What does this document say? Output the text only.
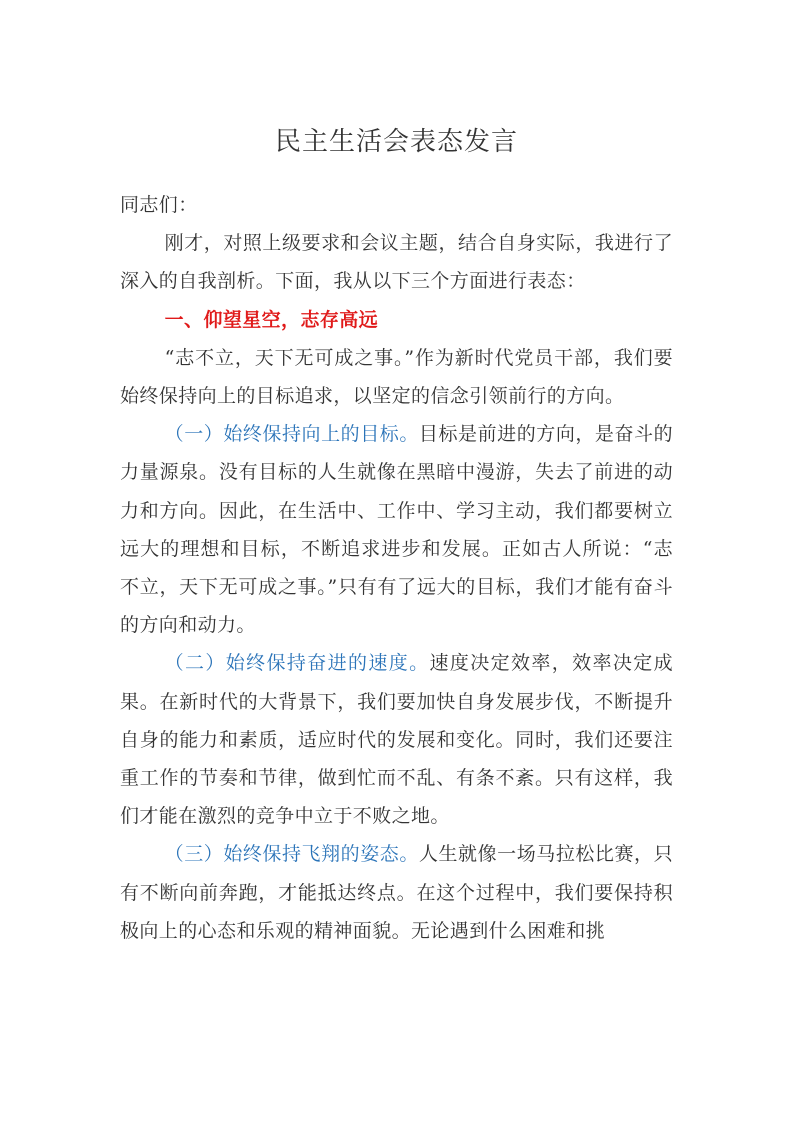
民主生活会表态发言

同志们：

刚才，对照上级要求和会议主题，结合自身实际，我进行了深入的自我剖析。下面，我从以下三个方面进行表态：

一、仰望星空，志存高远

“志不立，天下无可成之事。”作为新时代党员干部，我们要始终保持向上的目标追求，以坚定的信念引领前行的方向。

（一）始终保持向上的目标。目标是前进的方向，是奋斗的力量源泉。没有目标的人生就像在黑暗中漫游，失去了前进的动力和方向。因此，在生活中、工作中、学习主动，我们都要树立远大的理想和目标，不断追求进步和发展。正如古人所说：“志不立，天下无可成之事。”只有有了远大的目标，我们才能有奋斗的方向和动力。

（二）始终保持奋进的速度。速度决定效率，效率决定成果。在新时代的大背景下，我们要加快自身发展步伐，不断提升自身的能力和素质，适应时代的发展和变化。同时，我们还要注重工作的节奏和节律，做到忙而不乱、有条不紊。只有这样，我们才能在激烈的竞争中立于不败之地。

（三）始终保持飞翔的姿态。人生就像一场马拉松比赛，只有不断向前奔跑，才能抵达终点。在这个过程中，我们要保持积极向上的心态和乐观的精神面貌。无论遇到什么困难和挑
